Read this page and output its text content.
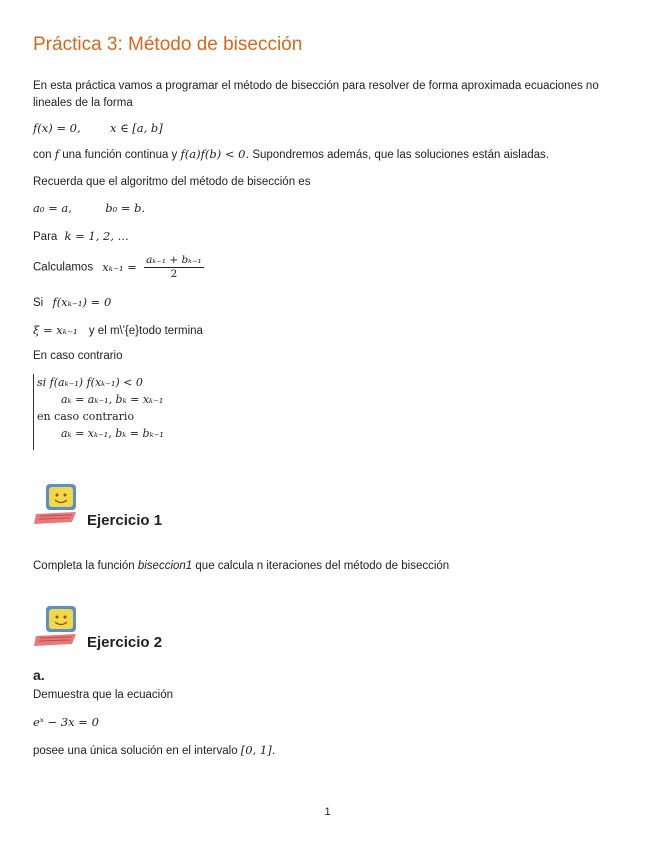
Práctica 3: Método de bisección
En esta práctica vamos a programar el método de bisección para resolver de forma aproximada ecuaciones no
lineales de la forma
f(x) = 0,	x ∈ [a, b]
con f una función continua y f(a)f(b) < 0. Supondremos además, que las soluciones están aisladas.
Recuerda que el algoritmo del método de bisección es
a₀ = a,	b₀ = b.
Para k = 1, 2, ...
Calculamos $x_{k-1} = \frac{\text{aₖ₋₁ + bₖ₋₁}}{2}$
Si f(xₖ₋₁) = 0
ξ = xₖ₋₁ y el m\'{e}todo termina
En caso contrario
si f(aₖ₋₁) f(xₖ₋₁) < 0
aₖ = aₖ₋₁, bₖ = xₖ₋₁
en caso contrario
aₖ = xₖ₋₁, bₖ = bₖ₋₁
Ejercicio 1
Completa la función biseccion1 que calcula n iteraciones del método de bisección
Ejercicio 2
a.
Demuestra que la ecuación
eˣ − 3x = 0
posee una única solución en el intervalo [0, 1].
1
